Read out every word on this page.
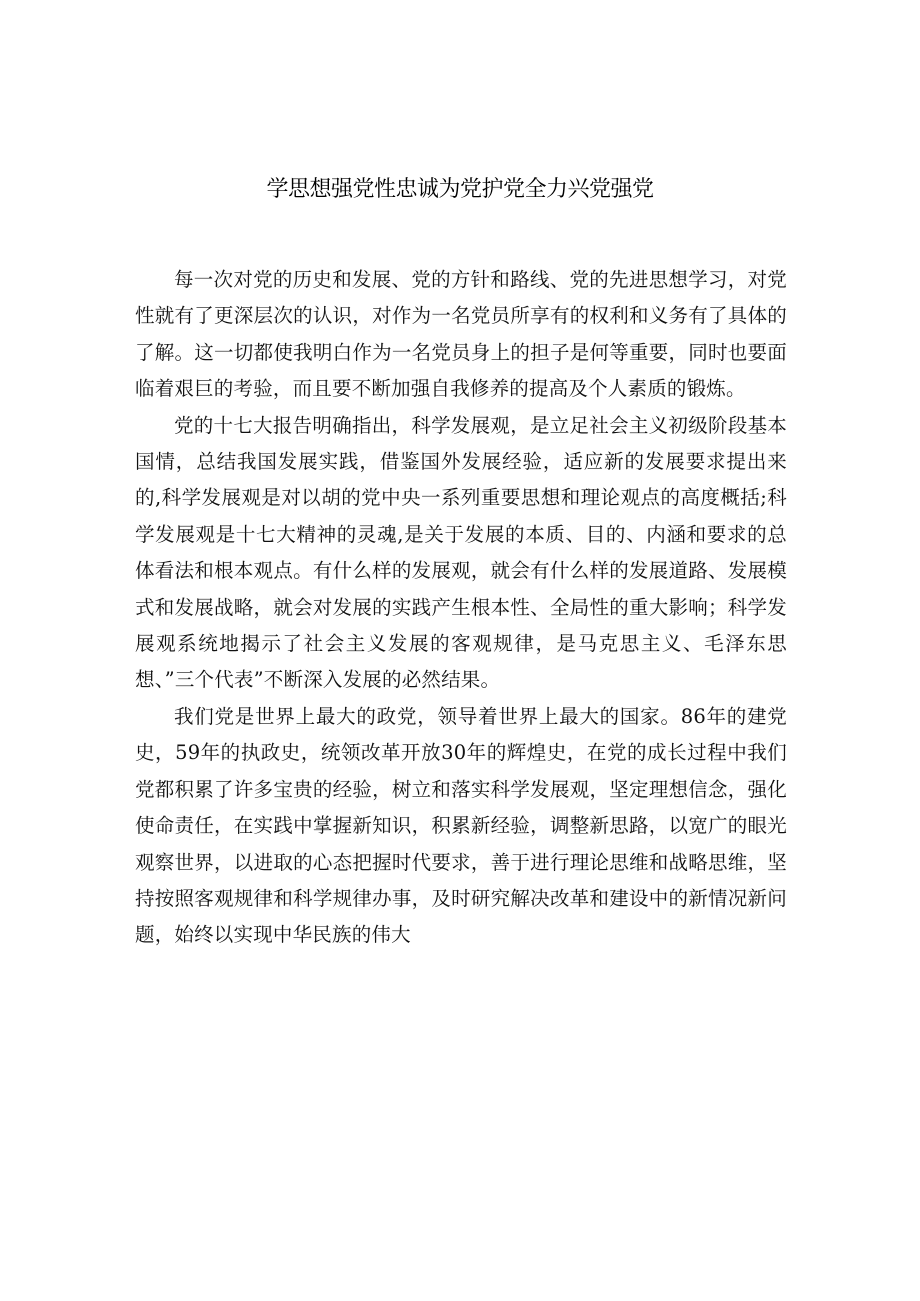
学思想强党性忠诚为党护党全力兴党强党

每一次对党的历史和发展、党的方针和路线、党的先进思想学习，对党性就有了更深层次的认识，对作为一名党员所享有的权利和义务有了具体的了解。这一切都使我明白作为一名党员身上的担子是何等重要，同时也要面临着艰巨的考验，而且要不断加强自我修养的提高及个人素质的锻炼。

党的十七大报告明确指出，科学发展观，是立足社会主义初级阶段基本国情，总结我国发展实践，借鉴国外发展经验，适应新的发展要求提出来的,科学发展观是对以胡的党中央一系列重要思想和理论观点的高度概括;科学发展观是十七大精神的灵魂,是关于发展的本质、目的、内涵和要求的总体看法和根本观点。有什么样的发展观，就会有什么样的发展道路、发展模式和发展战略，就会对发展的实践产生根本性、全局性的重大影响；科学发展观系统地揭示了社会主义发展的客观规律，是马克思主义、毛泽东思想、”三个代表”不断深入发展的必然结果。

我们党是世界上最大的政党，领导着世界上最大的国家。86年的建党史，59年的执政史，统领改革开放30年的辉煌史，在党的成长过程中我们党都积累了许多宝贵的经验，树立和落实科学发展观，坚定理想信念，强化使命责任，在实践中掌握新知识，积累新经验，调整新思路，以宽广的眼光观察世界，以进取的心态把握时代要求，善于进行理论思维和战略思维，坚持按照客观规律和科学规律办事，及时研究解决改革和建设中的新情况新问题，始终以实现中华民族的伟大
